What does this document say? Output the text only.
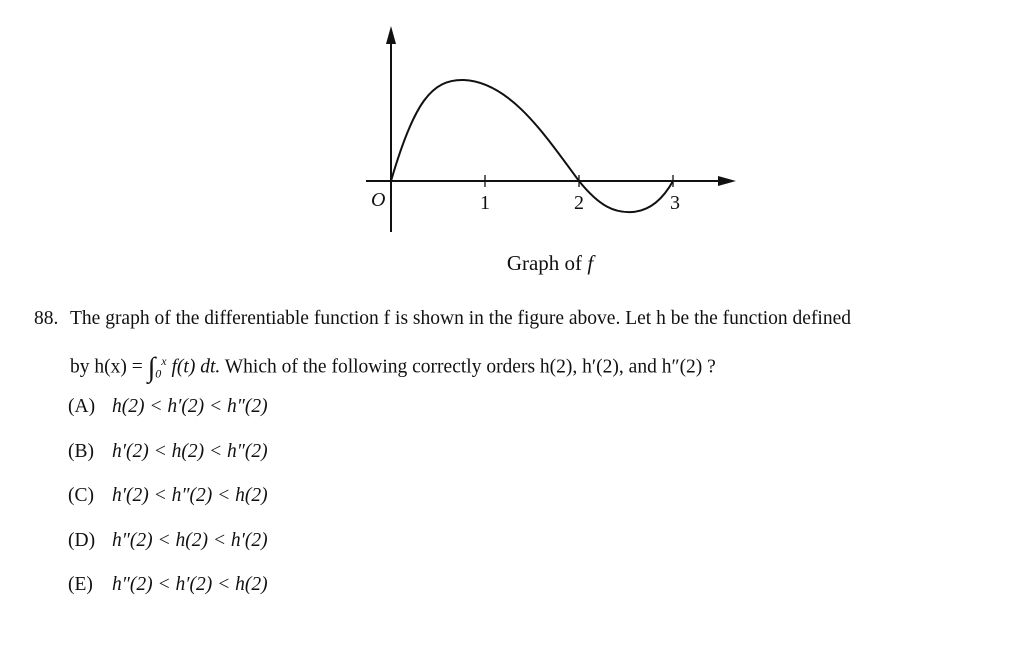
O	1	2	3
Graph of f
88. The graph of the differentiable function f is shown in the figure above. Let h be the function defined
by $h(x) = \int_0^x$ f(t) dt. Which of the following correctly orders h(2), h′(2), and h″(2) ?
(A) h(2) < h′(2) < h″(2)
(B) h′(2) < h(2) < h″(2)
(C) h′(2) < h″(2) < h(2)
(D) h″(2) < h(2) < h′(2)
(E) h″(2) < h′(2) < h(2)
